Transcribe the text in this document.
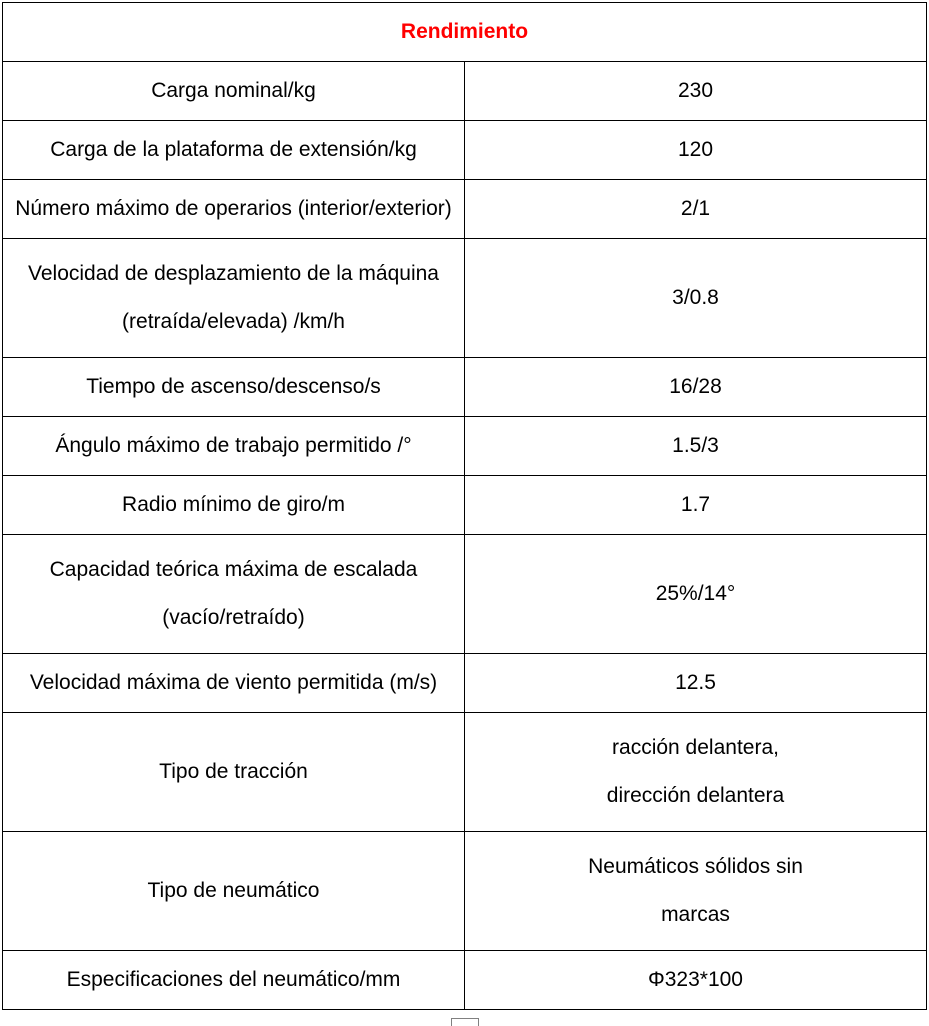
Rendimiento	

Carga nominal/kg	230

Carga de la plataforma de extensión/kg	120

Número máximo de operarios (interior/exterior)	2/1

Velocidad de desplazamiento de la máquina
(retraída/elevada) /km/h	3/0.8

Tiempo de ascenso/descenso/s	16/28

Ángulo máximo de trabajo permitido /°	1.5/3

Radio mínimo de giro/m	1.7

Capacidad teórica máxima de escalada
(vacío/retraído)	25%/14°

Velocidad máxima de viento permitida (m/s)	12.5

Tipo de tracción	racción delantera,
dirección delantera

Tipo de neumático	Neumáticos sólidos sin
marcas

Especificaciones del neumático/mm	Φ323*100
